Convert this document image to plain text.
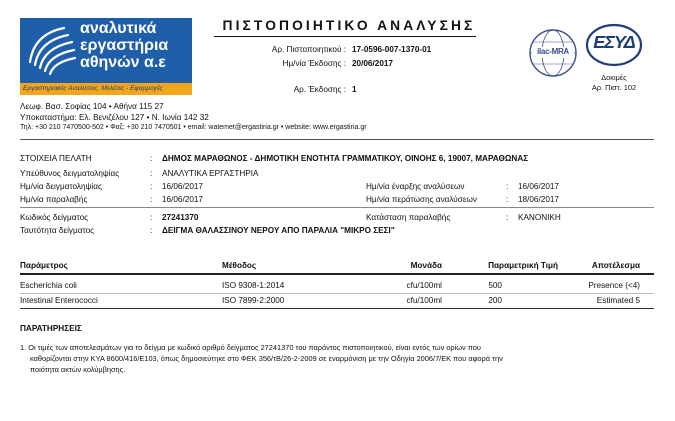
αναλυτικά
εργαστήρια
αθηνών α.ε
Εργαστηριακές Αναλύσεις, Μελέτες - Εφαρμογές
ΠΙΣΤΟΠΟΙΗΤΙΚΟ ΑΝΑΛΥΣΗΣ
Αρ. Πιστοποιητικού : 17-0596-007-1370-01
Ημ/νία Έκδοσης : 20/06/2017
Αρ. Έκδοσης : 1
ilac-MRA	ΕΣΥΔ
Δοκιμές
Αρ. Πιστ. 102
Λεωφ. Βασ. Σοφίας 104 • Αθήνα 115 27
Υποκαταστήμα: Ελ. Βενιζέλου 127 • Ν. Ιωνία 142 32
Τηλ: +30 210 7470500-502 • Φαξ: +30 210 7470501 • email: watemet@ergastiria.gr • website: www.ergastiria.gr
ΣΤΟΙΧΕΙΑ ΠΕΛΑΤΗ	: ΔΗΜΟΣ ΜΑΡΑΘΩΝΟΣ - ΔΗΜΟΤΙΚΗ ΕΝΟΤΗΤΑ ΓΡΑΜΜΑΤΙΚΟΥ, ΟΙΝΟΗΣ 6, 19007, ΜΑΡΑΘΩΝΑΣ
Υπεύθυνος δειγματοληψίας	: ΑΝΑΛΥΤΙΚΑ ΕΡΓΑΣΤΗΡΙΑ
Ημ/νία δειγματοληψίας	: 16/06/2017	Ημ/νία έναρξης αναλύσεων	: 16/06/2017
Ημ/νία παραλαβής	: 16/06/2017	Ημ/νία περάτωσης αναλύσεων	: 18/06/2017
Κωδικός δείγματος	: 27241370	Κατάσταση παραλαβής	: ΚΑΝΟΝΙΚΗ
Ταυτότητα δείγματος	: ΔΕΙΓΜΑ ΘΑΛΑΣΣΙΝΟΥ ΝΕΡΟΥ ΑΠΟ ΠΑΡΑΛΙΑ "ΜΙΚΡΟ ΣΕΣΙ"
Παράμετρος	Μέθοδος	Μονάδα	Παραμετρική Τιμή	Αποτέλεσμα
Escherichia coli	ISO 9308-1:2014	cfu/100ml	500	Presence (<4)
Intestinal Enterococci	ISO 7899-2:2000	cfu/100ml	200	Estimated 5
ΠΑΡΑΤΗΡΗΣΕΙΣ
1. Οι τιμές των αποτελεσμάτων για το δείγμα με κωδικό αριθμό δείγματος 27241370 του παρόντος πιστοποιητικού, είναι εντός των ορίων που
καθορίζονται στην ΚΥΑ 8600/416/Ε103, όπως δημοσιεύτηκε στο ΦΕΚ 356/τΒ/26-2-2009 σε εναρμόνιση με την Οδηγία 2006/7/ΕΚ που αφορά την
ποιότητα ακτών κολύμβησης.
